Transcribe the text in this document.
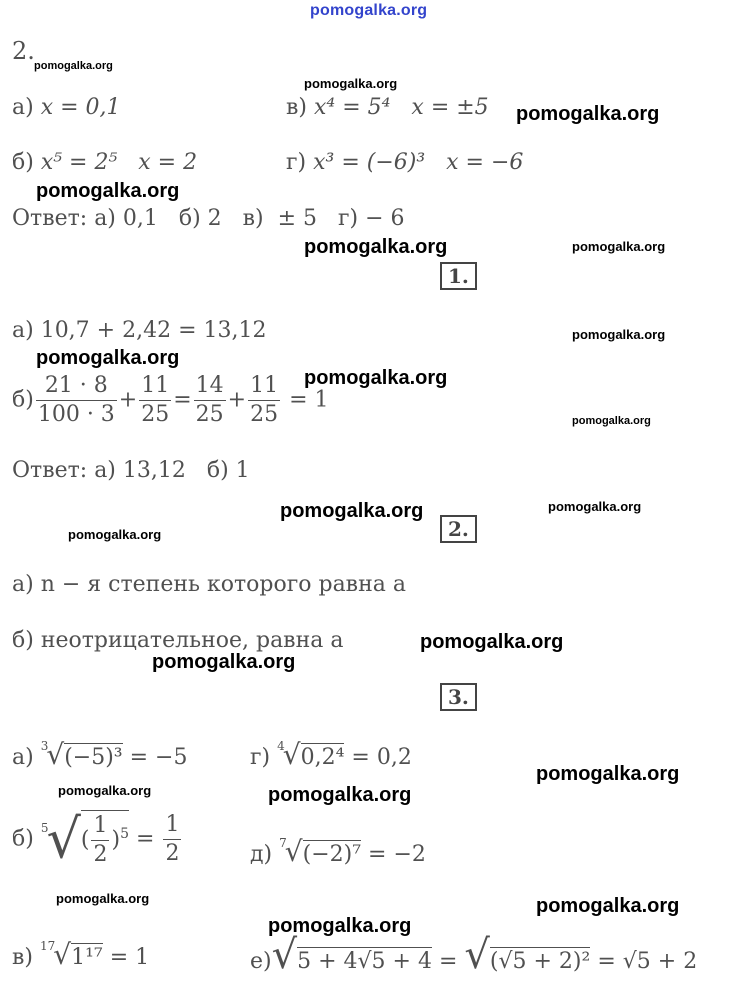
pomogalka.org
2.
pomogalka.org
pomogalka.org
pomogalka.org
pomogalka.org
pomogalka.org	pomogalka.org
pomogalka.org
pomogalka.org
pomogalka.org
pomogalka.org
pomogalka.org	pomogalka.org
pomogalka.org
pomogalka.org
pomogalka.org
pomogalka.org
pomogalka.org	pomogalka.org
pomogalka.org	pomogalka.org
pomogalka.org
а) x = 0,1	в) x⁴ = 5⁴ x = ±5
б) x⁵ = 2⁵ x = 2	г) x³ = (−6)³ x = −6
Ответ: а) 0,1   б) 2   в)  ± 5   г) − 6
1.
а) 10,7 + 2,42 = 13,12
$б) \frac{21 \cdot 8}{100 \cdot 3} + \frac{11}{25} = \frac{14}{25} + \frac{11}{25} = 1$
Ответ: а) 13,12   б) 1
2.
а) n − я степень которого равна a
б) неотрицательное, равна a
3.
а) $^3$√(−5)³ = −5	г) $^4$√0,2⁴ = 0,2
б) $^5√( \frac{1}{2} )^5 = \frac{1}{2}$	д) $^7$√(−2)⁷ = −2
в) $^{17}$√1¹⁷ = 1	е)√5 + 4√5 + 4 = √(√5 + 2)² = √5 + 2
